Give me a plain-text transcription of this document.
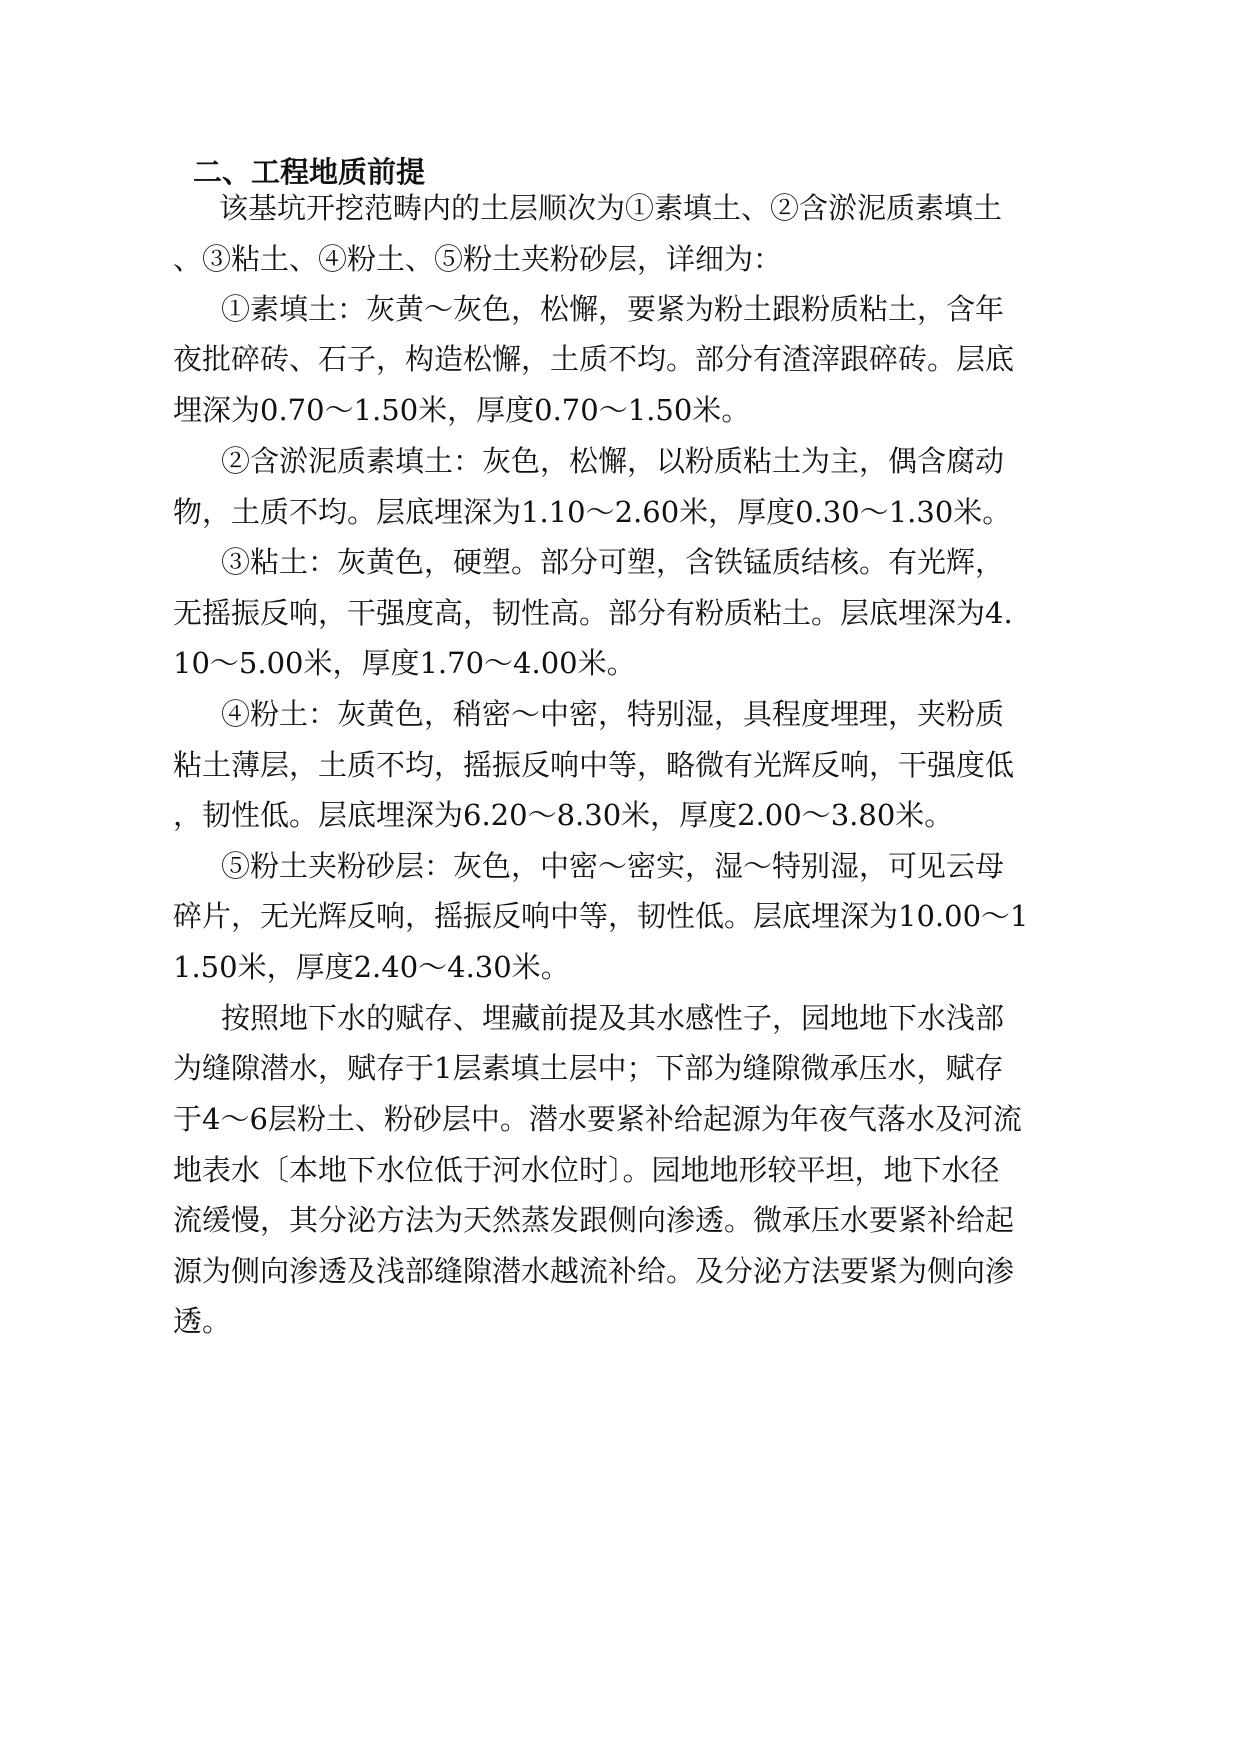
二、工程地质前提
该基坑开挖范畴内的土层顺次为①素填土、②含淤泥质素填土
、③粘土、④粉土、⑤粉土夹粉砂层，详细为：
①素填土：灰黄～灰色，松懈，要紧为粉土跟粉质粘土，含年
夜批碎砖、石子，构造松懈，土质不均。部分有渣滓跟碎砖。层底
埋深为0.70～1.50米，厚度0.70～1.50米。
②含淤泥质素填土：灰色，松懈，以粉质粘土为主，偶含腐动
物，土质不均。层底埋深为1.10～2.60米，厚度0.30～1.30米。
③粘土：灰黄色，硬塑。部分可塑，含铁锰质结核。有光辉，
无摇振反响，干强度高，韧性高。部分有粉质粘土。层底埋深为4.
10～5.00米，厚度1.70～4.00米。
④粉土：灰黄色，稍密～中密，特别湿，具程度埋理，夹粉质
粘土薄层，土质不均，摇振反响中等，略微有光辉反响，干强度低
，韧性低。层底埋深为6.20～8.30米，厚度2.00～3.80米。
⑤粉土夹粉砂层：灰色，中密～密实，湿～特别湿，可见云母
碎片，无光辉反响，摇振反响中等，韧性低。层底埋深为10.00～1
1.50米，厚度2.40～4.30米。
按照地下水的赋存、埋藏前提及其水感性子，园地地下水浅部
为缝隙潜水，赋存于1层素填土层中；下部为缝隙微承压水，赋存
于4～6层粉土、粉砂层中。潜水要紧补给起源为年夜气落水及河流
地表水〔本地下水位低于河水位时〕。园地地形较平坦，地下水径
流缓慢，其分泌方法为天然蒸发跟侧向渗透。微承压水要紧补给起
源为侧向渗透及浅部缝隙潜水越流补给。及分泌方法要紧为侧向渗
透。
